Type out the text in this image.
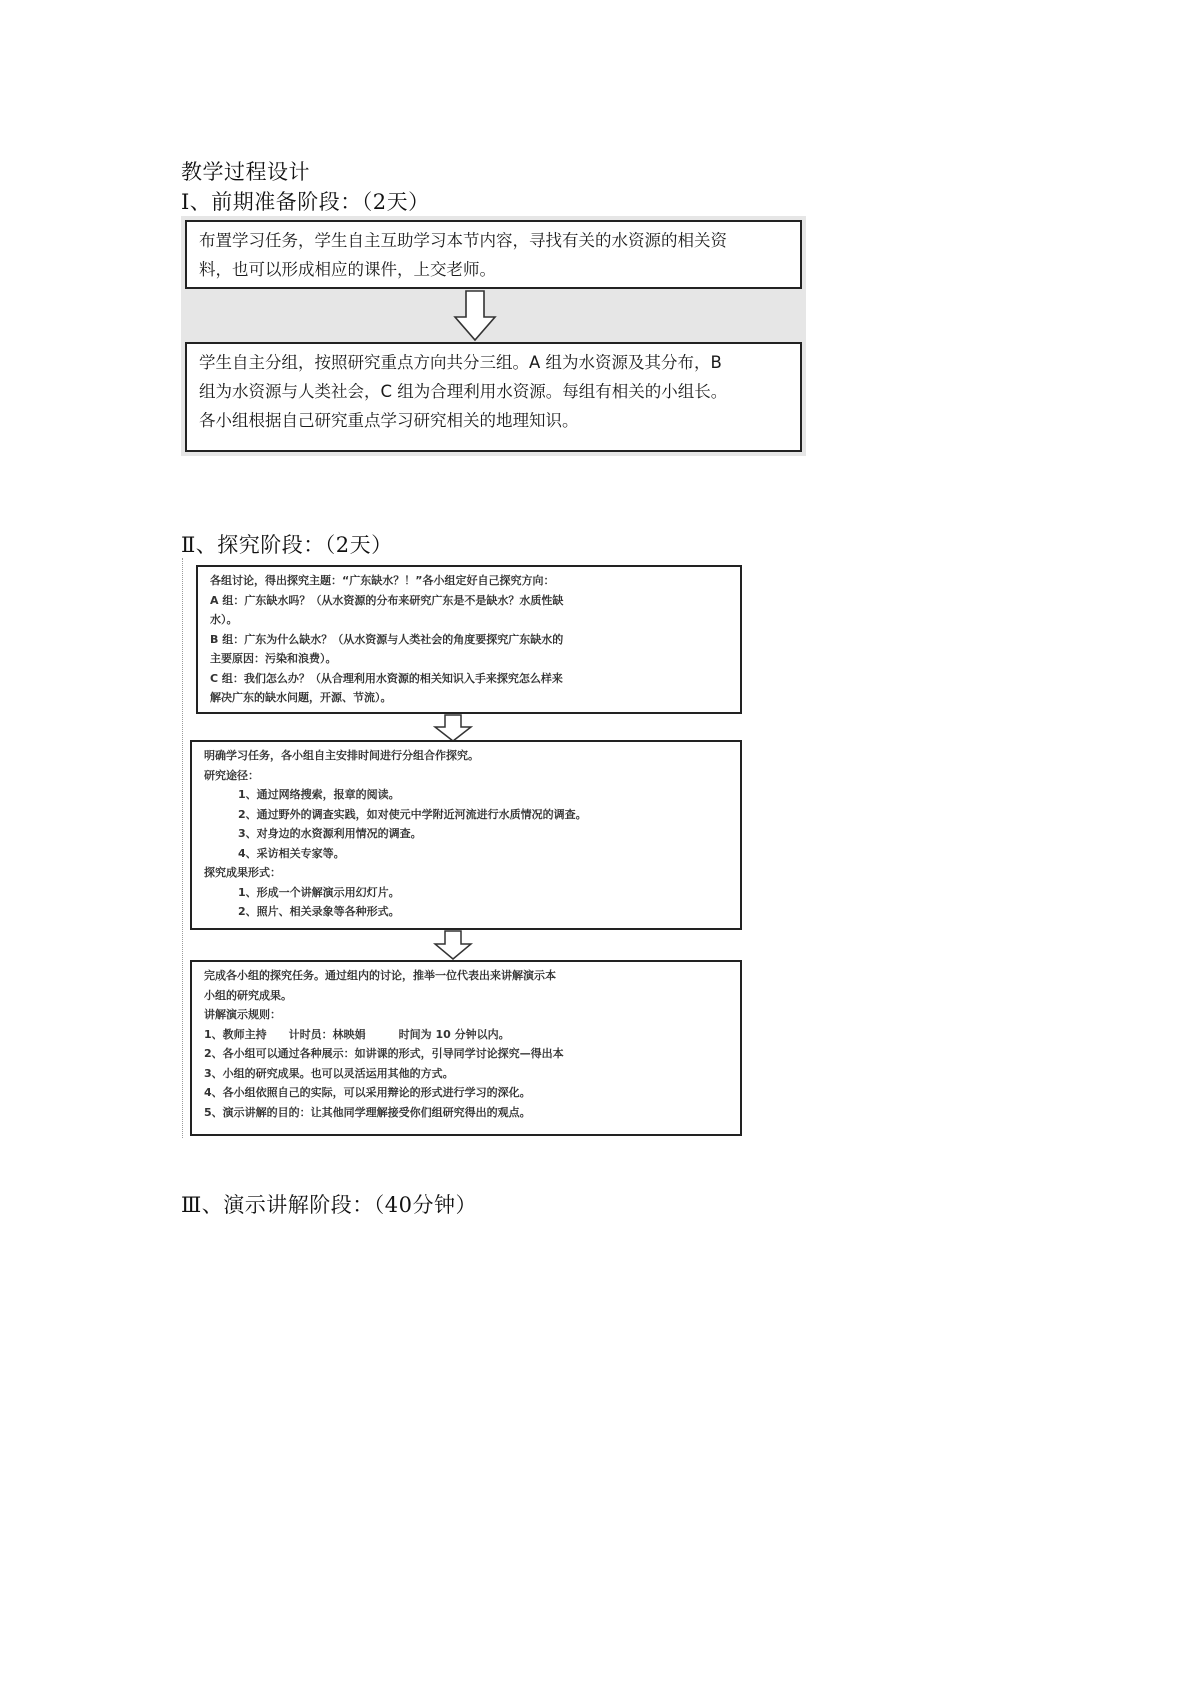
教学过程设计
Ⅰ、前期准备阶段：（2天）
布置学习任务，学生自主互助学习本节内容，寻找有关的水资源的相关资
料，也可以形成相应的课件，上交老师。
学生自主分组，按照研究重点方向共分三组。A 组为水资源及其分布，B
组为水资源与人类社会，C 组为合理利用水资源。每组有相关的小组长。
各小组根据自己研究重点学习研究相关的地理知识。
Ⅱ、探究阶段：（2天）
各组讨论，得出探究主题：“广东缺水？！”各小组定好自己探究方向：
A 组：广东缺水吗？（从水资源的分布来研究广东是不是缺水？水质性缺
水）。
B 组：广东为什么缺水？（从水资源与人类社会的角度要探究广东缺水的
主要原因：污染和浪费）。
C 组：我们怎么办？（从合理利用水资源的相关知识入手来探究怎么样来
解决广东的缺水问题，开源、节流）。
明确学习任务，各小组自主安排时间进行分组合作探究。
研究途径：
1、通过网络搜索，报章的阅读。
2、通过野外的调查实践，如对使元中学附近河流进行水质情况的调查。
3、对身边的水资源利用情况的调查。
4、采访相关专家等。
探究成果形式：
1、形成一个讲解演示用幻灯片。
2、照片、相关录象等各种形式。
完成各小组的探究任务。通过组内的讨论，推举一位代表出来讲解演示本
小组的研究成果。
讲解演示规则：
1、教师主持　　计时员：林映娟　　　时间为 10 分钟以内。
2、各小组可以通过各种展示：如讲课的形式，引导同学讨论探究—得出本
3、小组的研究成果。也可以灵活运用其他的方式。
4、各小组依照自己的实际，可以采用辩论的形式进行学习的深化。
5、演示讲解的目的：让其他同学理解接受你们组研究得出的观点。
Ⅲ、演示讲解阶段：（40分钟）
